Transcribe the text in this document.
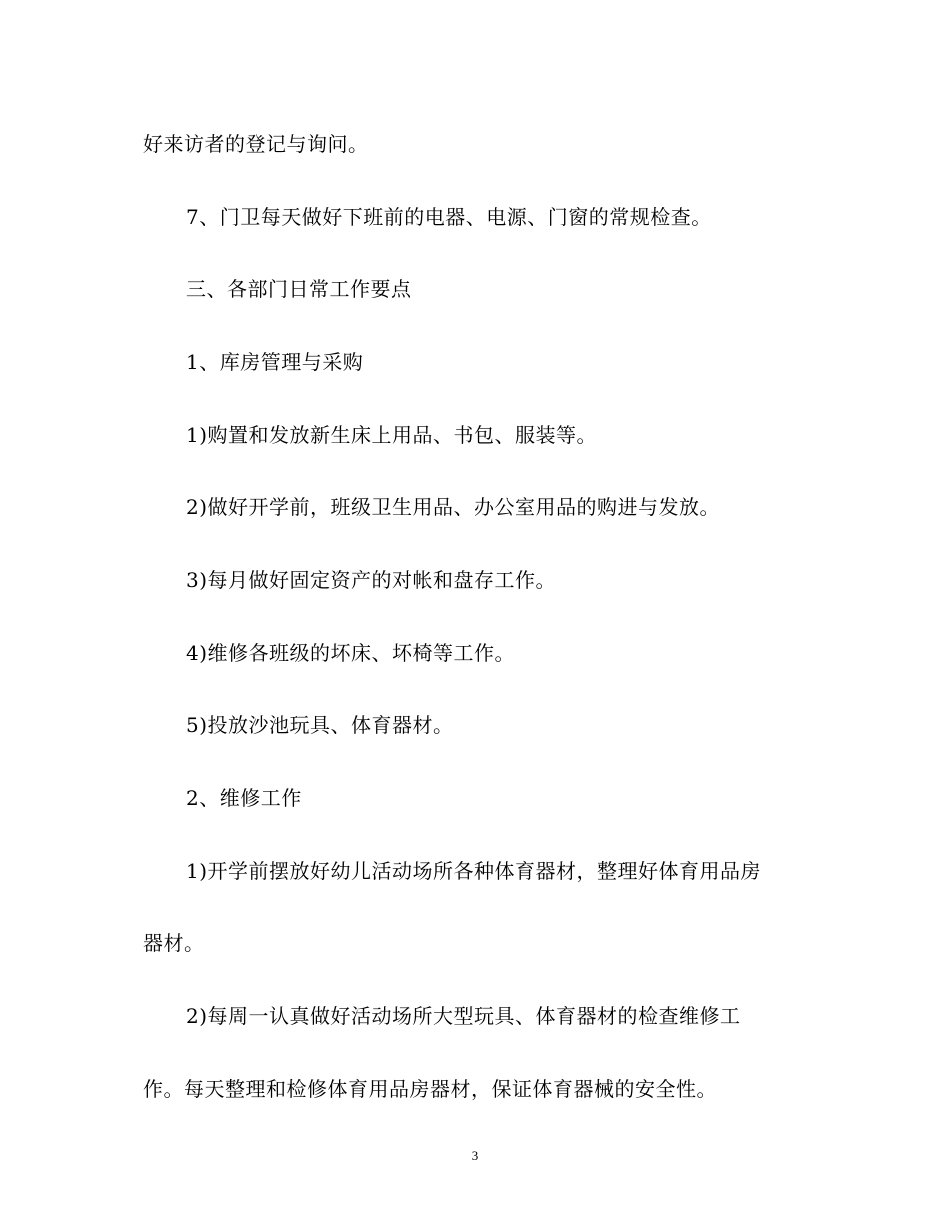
好来访者的登记与询问。
7、门卫每天做好下班前的电器、电源、门窗的常规检查。
三、各部门日常工作要点
1、库房管理与采购
1)购置和发放新生床上用品、书包、服装等。
2)做好开学前，班级卫生用品、办公室用品的购进与发放。
3)每月做好固定资产的对帐和盘存工作。
4)维修各班级的坏床、坏椅等工作。
5)投放沙池玩具、体育器材。
2、维修工作
1)开学前摆放好幼儿活动场所各种体育器材，整理好体育用品房
器材。
2)每周一认真做好活动场所大型玩具、体育器材的检查维修工
作。每天整理和检修体育用品房器材，保证体育器械的安全性。
3
